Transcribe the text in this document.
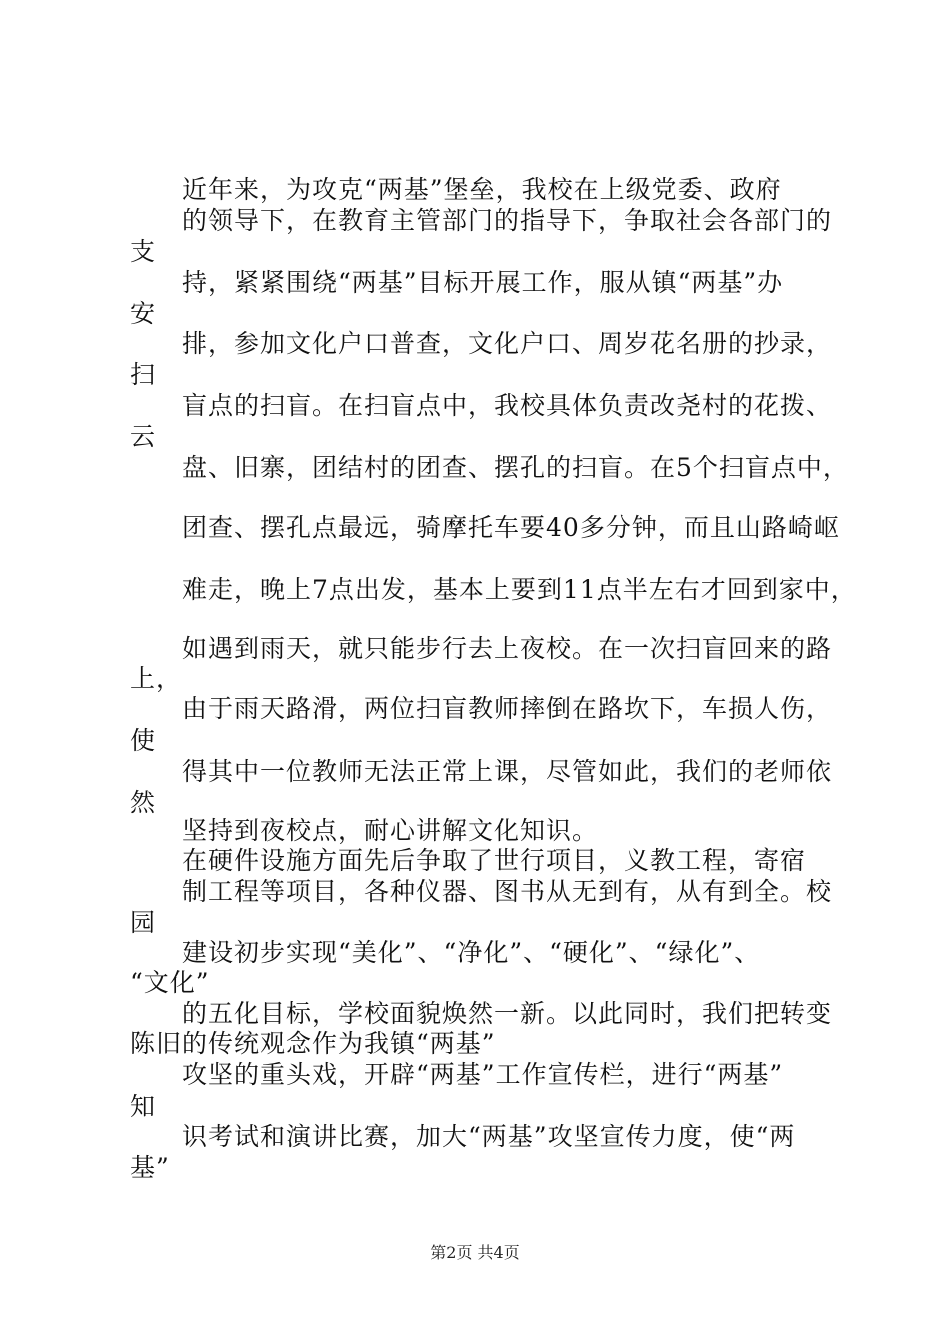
近年来，为攻克“两基”堡垒，我校在上级党委、政府
的领导下，在教育主管部门的指导下，争取社会各部门的
支
持，紧紧围绕“两基”目标开展工作，服从镇“两基”办
安
排，参加文化户口普查，文化户口、周岁花名册的抄录，
扫
盲点的扫盲。在扫盲点中，我校具体负责改尧村的花拨、
云
盘、旧寨，团结村的团查、摆孔的扫盲。在5个扫盲点中，
团查、摆孔点最远，骑摩托车要40多分钟，而且山路崎岖
难走，晚上7点出发，基本上要到11点半左右才回到家中，
如遇到雨天，就只能步行去上夜校。在一次扫盲回来的路
上，
由于雨天路滑，两位扫盲教师摔倒在路坎下，车损人伤，
使
得其中一位教师无法正常上课，尽管如此，我们的老师依
然
坚持到夜校点，耐心讲解文化知识。
在硬件设施方面先后争取了世行项目，义教工程，寄宿
制工程等项目，各种仪器、图书从无到有，从有到全。校
园
建设初步实现“美化”、“净化”、“硬化”、“绿化”、
“文化”
的五化目标，学校面貌焕然一新。以此同时，我们把转变
陈旧的传统观念作为我镇“两基”
攻坚的重头戏，开辟“两基”工作宣传栏，进行“两基”
知
识考试和演讲比赛，加大“两基”攻坚宣传力度，使“两
基”
第2页 共4页
